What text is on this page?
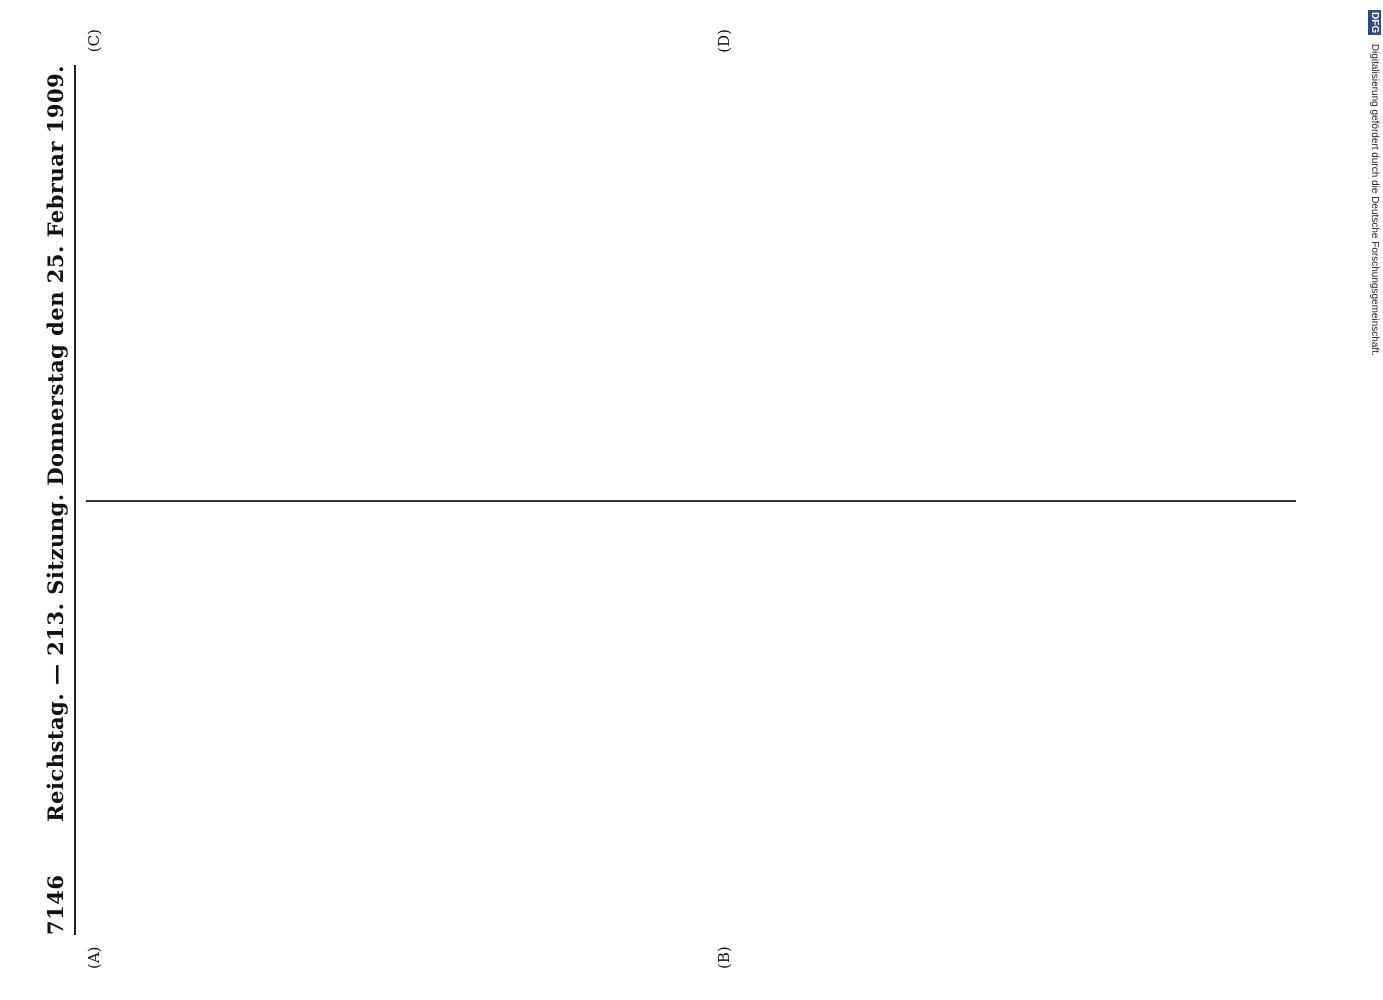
7146
Reichstag. — 213. Sitzung. Donnerstag den 25. Februar 1909.

(A)	(B)
(C)	(D)
DFG Digitalisierung gefördert durch die Deutsche Forschungsgemeinschaft.
